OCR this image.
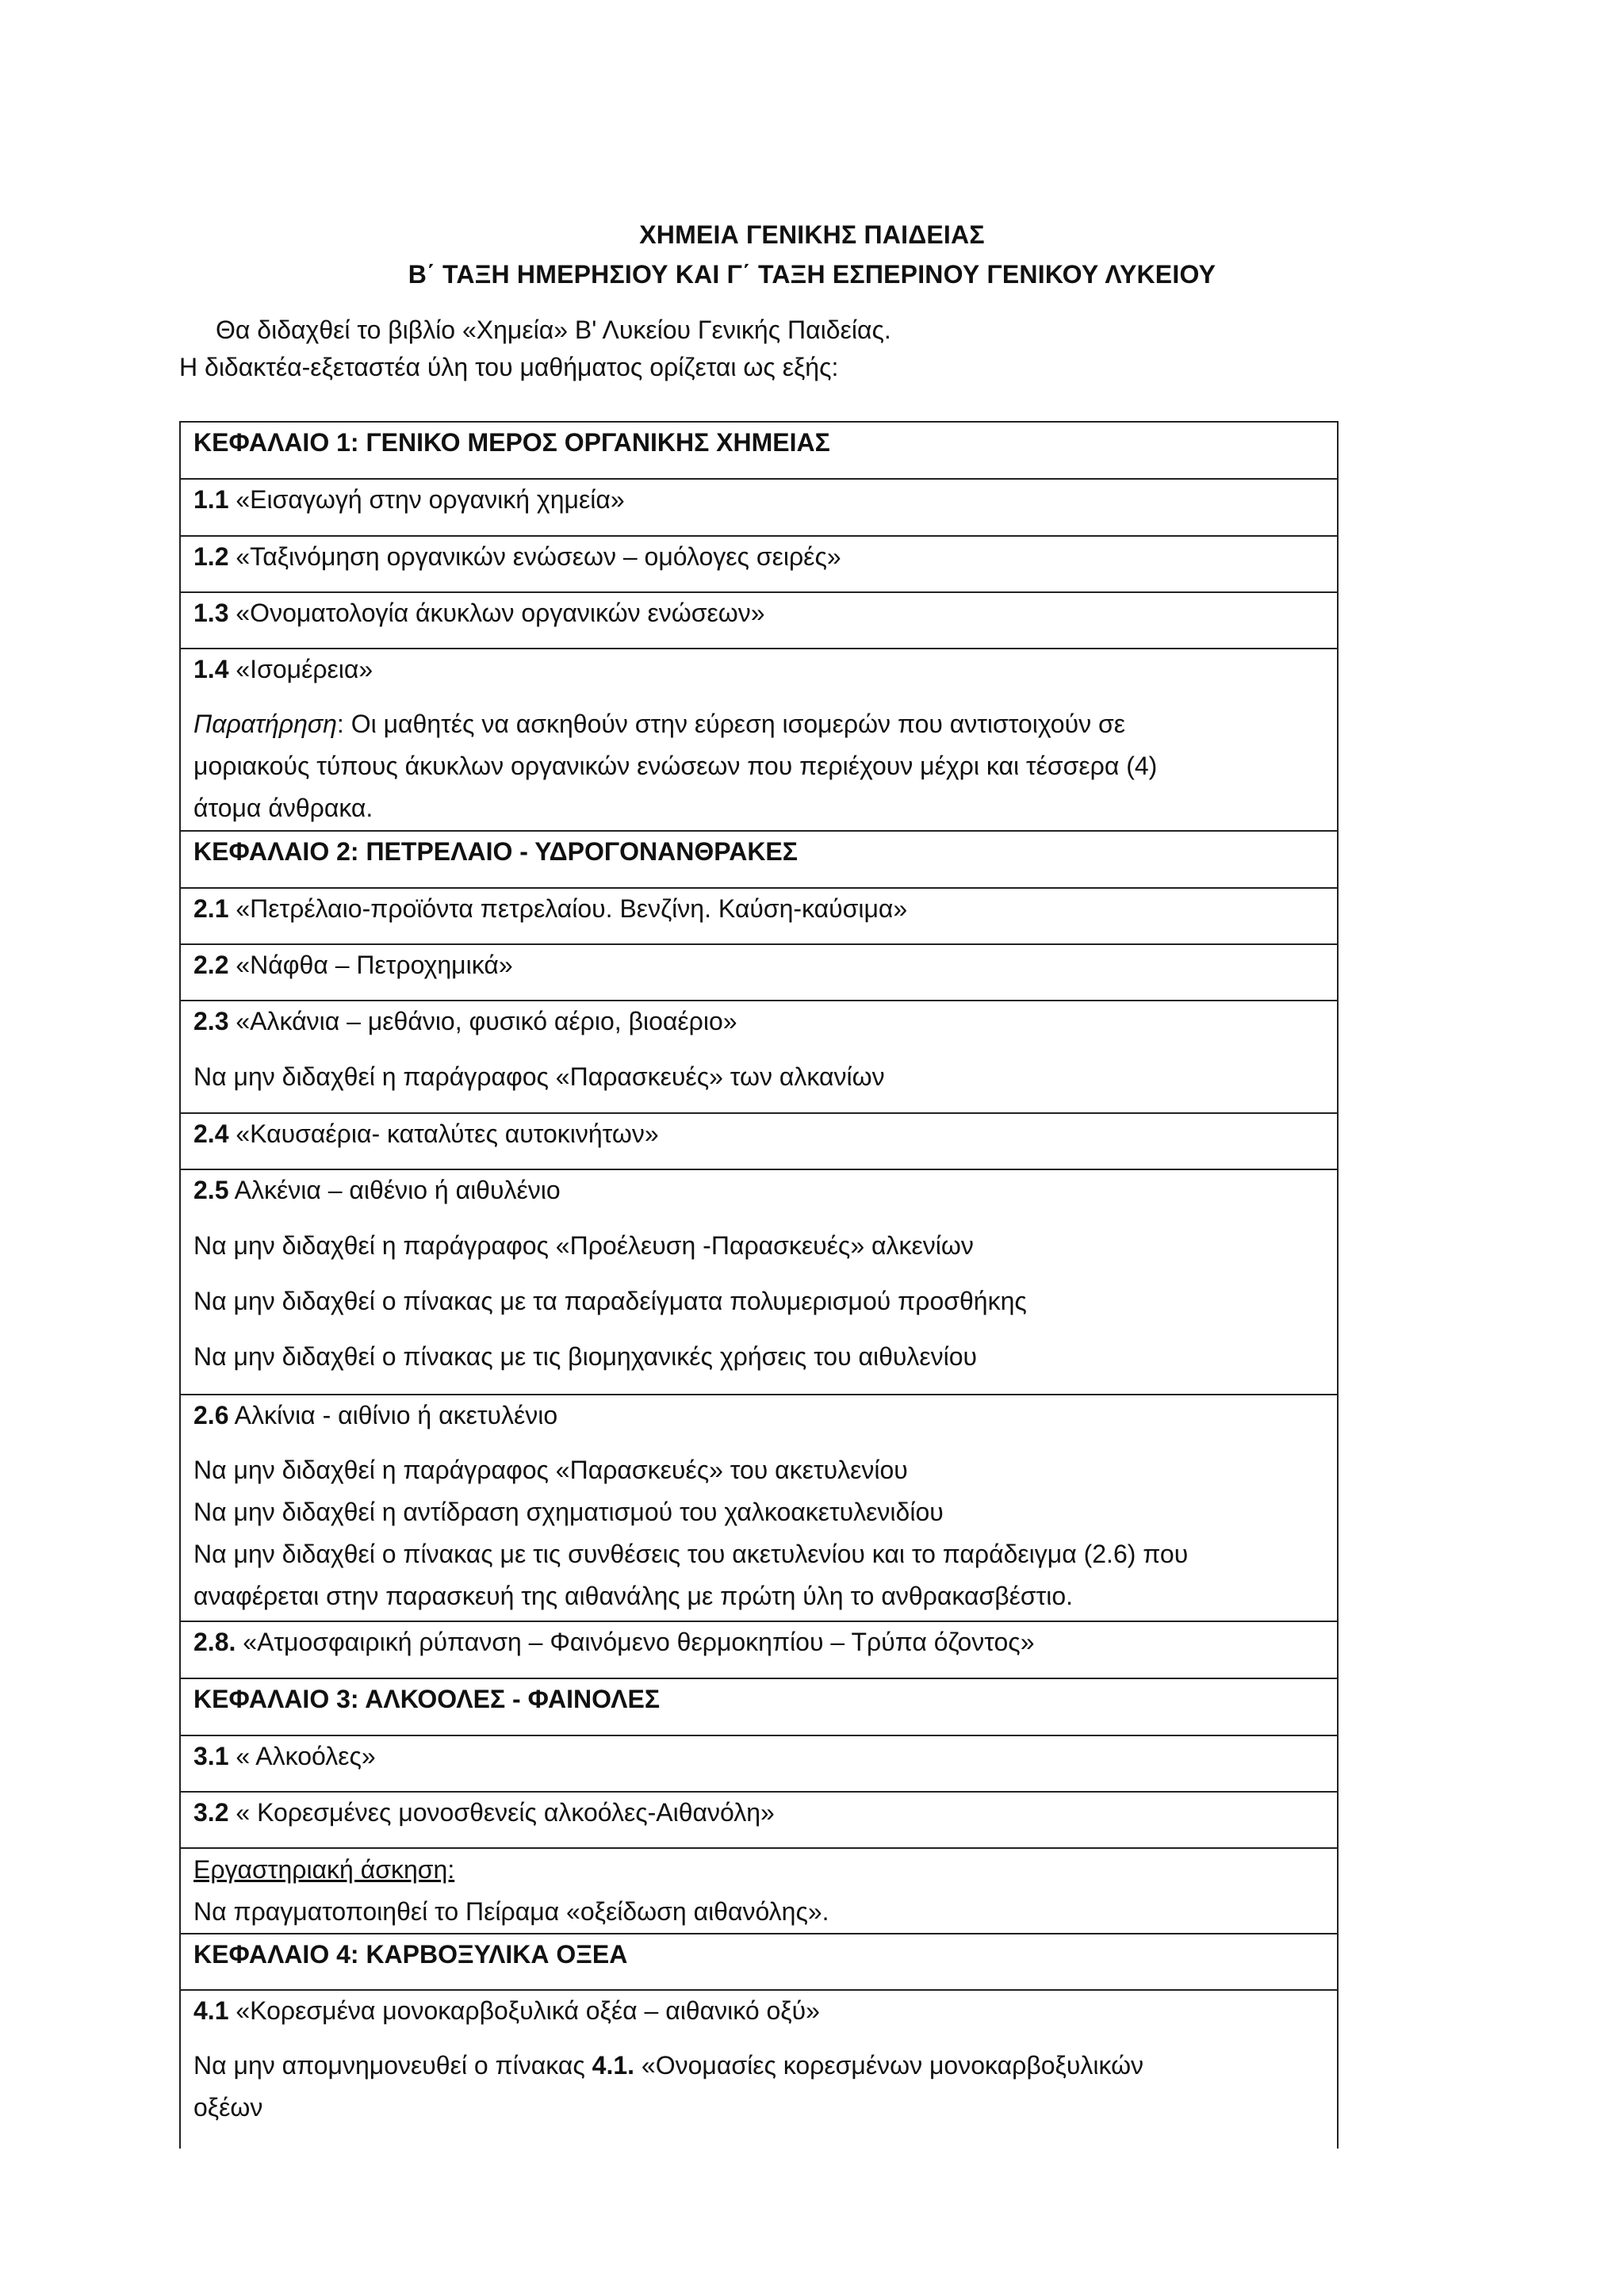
ΧΗΜΕΙΑ ΓΕΝΙΚΗΣ ΠΑΙΔΕΙΑΣ
Β΄ ΤΑΞΗ ΗΜΕΡΗΣΙΟΥ ΚΑΙ Γ΄ ΤΑΞΗ ΕΣΠΕΡΙΝΟΥ ΓΕΝΙΚΟΥ ΛΥΚΕΙΟΥ
Θα διδαχθεί το βιβλίο «Χημεία» Β' Λυκείου Γενικής Παιδείας.
Η διδακτέα-εξεταστέα ύλη του μαθήματος ορίζεται ως εξής:
ΚΕΦΑΛΑΙΟ 1: ΓΕΝΙΚΟ ΜΕΡΟΣ ΟΡΓΑΝΙΚΗΣ ΧΗΜΕΙΑΣ
1.1 «Εισαγωγή στην οργανική χημεία»
1.2 «Ταξινόμηση οργανικών ενώσεων – ομόλογες σειρές»
1.3 «Ονοματολογία άκυκλων οργανικών ενώσεων»

1.4 «Ισομέρεια»
Παρατήρηση: Οι μαθητές να ασκηθούν στην εύρεση ισομερών που αντιστοιχούν σε
μοριακούς τύπους άκυκλων οργανικών ενώσεων που περιέχουν μέχρι και τέσσερα (4)
άτομα άνθρακα.

ΚΕΦΑΛΑΙΟ 2: ΠΕΤΡΕΛΑΙΟ - ΥΔΡΟΓΟΝΑΝΘΡΑΚΕΣ
2.1 «Πετρέλαιο-προϊόντα πετρελαίου. Βενζίνη. Καύση-καύσιμα»
2.2 «Νάφθα – Πετροχημικά»

2.3 «Αλκάνια – μεθάνιο, φυσικό αέριο, βιοαέριο»
Να μην διδαχθεί η παράγραφος «Παρασκευές» των αλκανίων

2.4 «Καυσαέρια- καταλύτες αυτοκινήτων»

2.5 Αλκένια – αιθένιο ή αιθυλένιο
Να μην διδαχθεί η παράγραφος «Προέλευση -Παρασκευές» αλκενίων
Να μην διδαχθεί ο πίνακας με τα παραδείγματα πολυμερισμού προσθήκης
Να μην διδαχθεί ο πίνακας με τις βιομηχανικές χρήσεις του αιθυλενίου

2.6 Αλκίνια - αιθίνιο ή ακετυλένιο
Να μην διδαχθεί η παράγραφος «Παρασκευές» του ακετυλενίου
Να μην διδαχθεί η αντίδραση σχηματισμού του χαλκοακετυλενιδίου
Να μην διδαχθεί ο πίνακας με τις συνθέσεις του ακετυλενίου και το παράδειγμα (2.6) που
αναφέρεται στην παρασκευή της αιθανάλης με πρώτη ύλη το ανθρακασβέστιο.

2.8. «Ατμοσφαιρική ρύπανση – Φαινόμενο θερμοκηπίου – Τρύπα όζοντος»
ΚΕΦΑΛΑΙΟ 3: ΑΛΚΟΟΛΕΣ - ΦΑΙΝΟΛΕΣ
3.1 « Αλκοόλες»
3.2 « Κορεσμένες μονοσθενείς αλκοόλες-Αιθανόλη»

Εργαστηριακή άσκηση:
Να πραγματοποιηθεί το Πείραμα «οξείδωση αιθανόλης».

ΚΕΦΑΛΑΙΟ 4: ΚΑΡΒΟΞΥΛΙΚΑ ΟΞΕΑ

4.1 «Κορεσμένα μονοκαρβοξυλικά οξέα – αιθανικό οξύ»
Να μην απομνημονευθεί ο πίνακας 4.1. «Ονομασίες κορεσμένων μονοκαρβοξυλικών
οξέων
